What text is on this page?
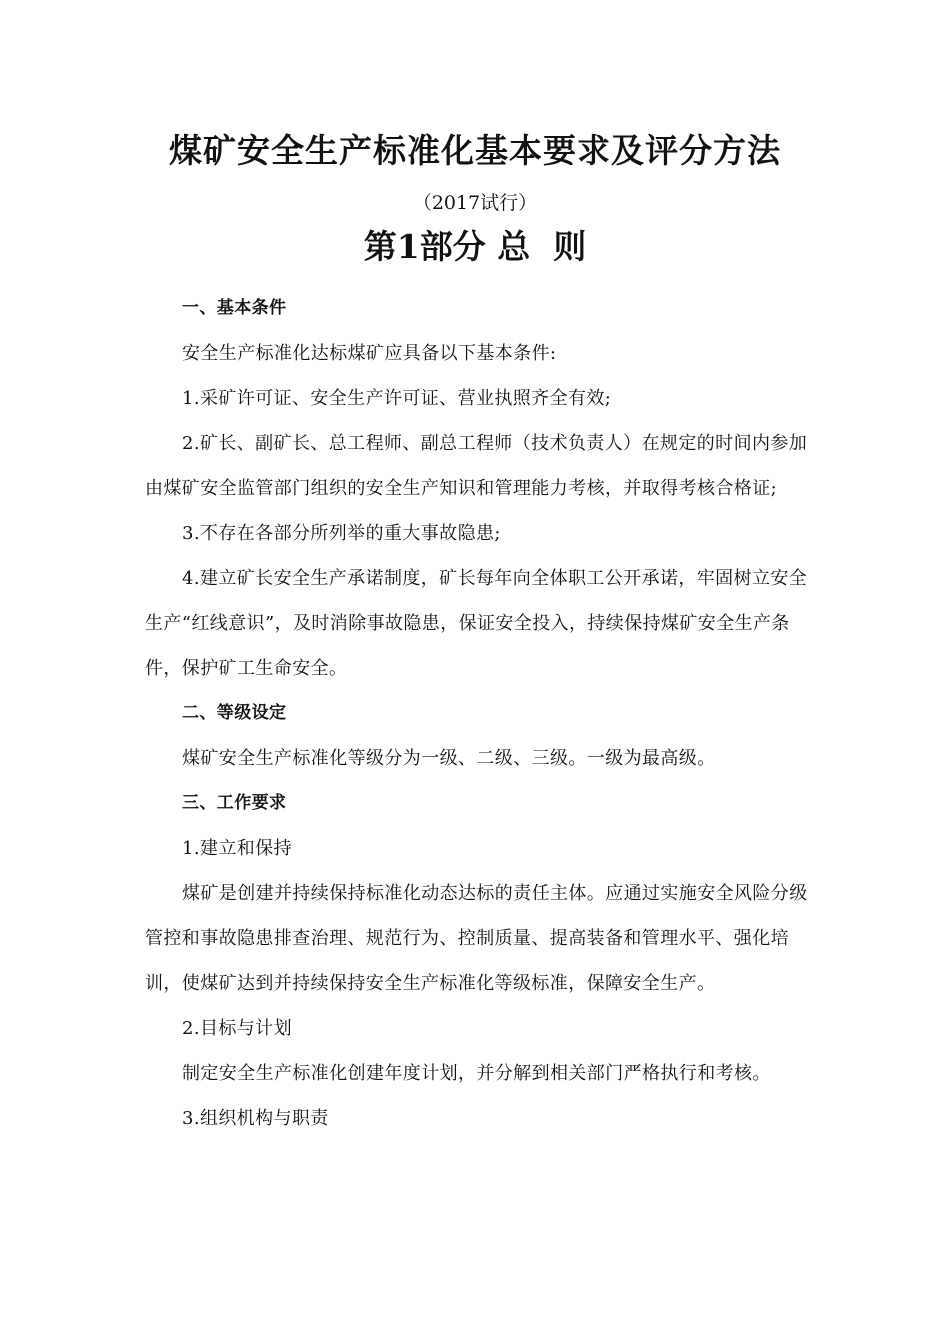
煤矿安全生产标准化基本要求及评分方法
（2017试行）
第1部分 总  则

一、基本条件

安全生产标准化达标煤矿应具备以下基本条件:

1.采矿许可证、安全生产许可证、营业执照齐全有效;

2.矿长、副矿长、总工程师、副总工程师（技术负责人）在规定的时间内参加由煤矿安全监管部门组织的安全生产知识和管理能力考核，并取得考核合格证;

3.不存在各部分所列举的重大事故隐患;

4.建立矿长安全生产承诺制度，矿长每年向全体职工公开承诺，牢固树立安全生产“红线意识”，及时消除事故隐患，保证安全投入，持续保持煤矿安全生产条件，保护矿工生命安全。

二、等级设定

煤矿安全生产标准化等级分为一级、二级、三级。一级为最高级。

三、工作要求

1.建立和保持

煤矿是创建并持续保持标准化动态达标的责任主体。应通过实施安全风险分级管控和事故隐患排查治理、规范行为、控制质量、提高装备和管理水平、强化培训，使煤矿达到并持续保持安全生产标准化等级标准，保障安全生产。

2.目标与计划

制定安全生产标准化创建年度计划，并分解到相关部门严格执行和考核。

3.组织机构与职责
